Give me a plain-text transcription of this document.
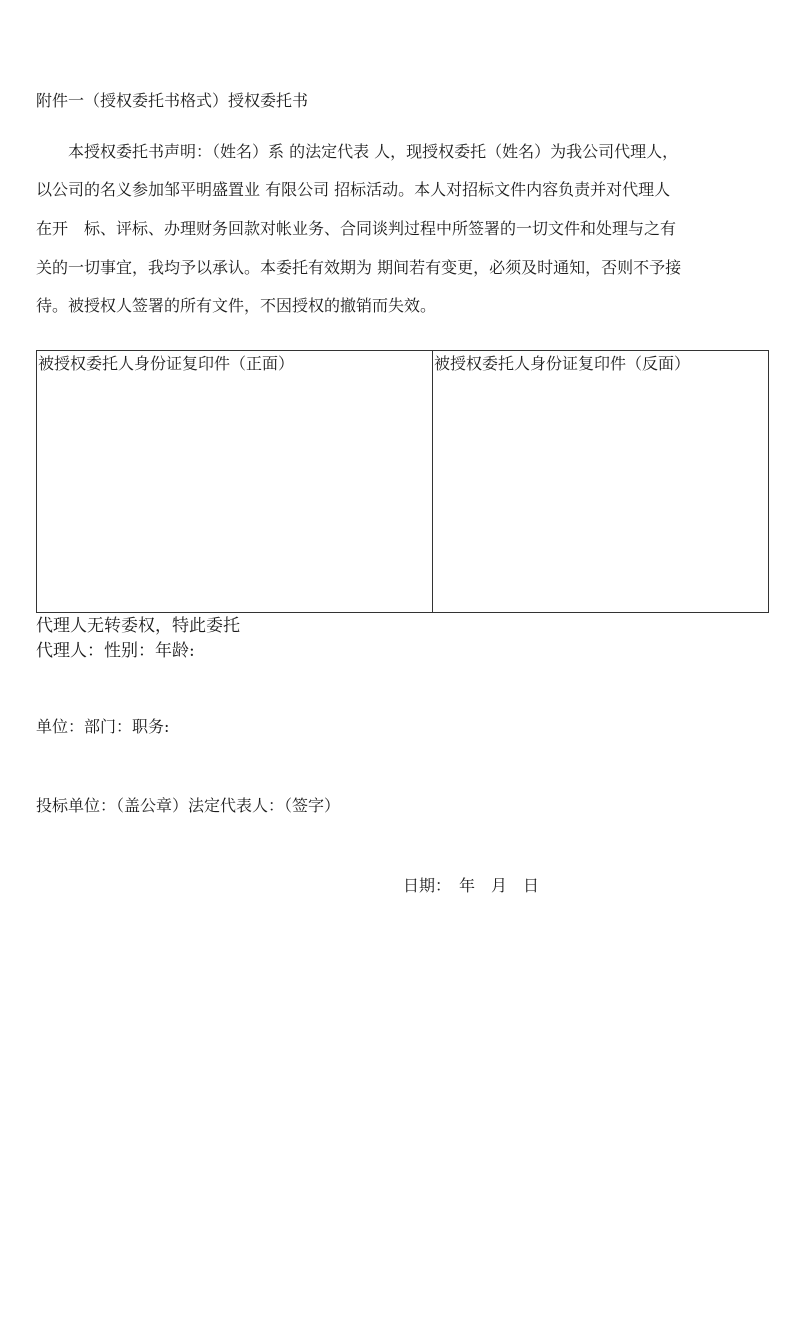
附件一（授权委托书格式）授权委托书
　　本授权委托书声明：（姓名）系 的法定代表 人，现授权委托（姓名）为我公司代理人，
以公司的名义参加邹平明盛置业 有限公司 招标活动。本人对招标文件内容负责并对代理人
在开　标、评标、办理财务回款对帐业务、合同谈判过程中所签署的一切文件和处理与之有
关的一切事宜，我均予以承认。本委托有效期为 期间若有变更，必须及时通知，否则不予接
待。被授权人签署的所有文件，不因授权的撤销而失效。
被授权委托人身份证复印件（正面）	被授权委托人身份证复印件（反面）
代理人无转委权，特此委托
代理人：性别：年龄:
单位：部门：职务:
投标单位：（盖公章）法定代表人：（签字）
日期：　年　月　日
